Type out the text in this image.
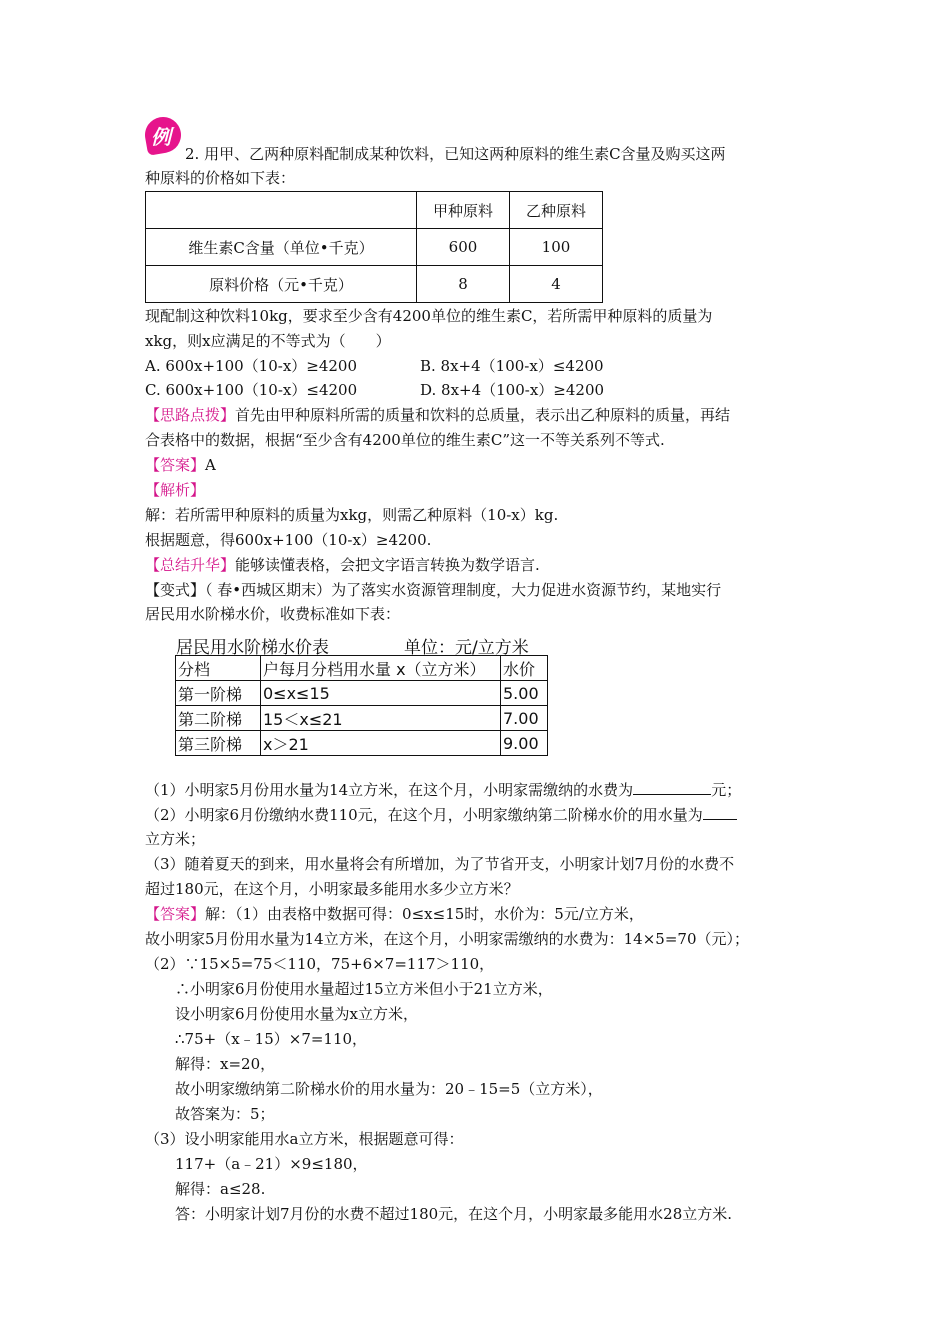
例
2. 用甲、乙两种原料配制成某种饮料，已知这两种原料的维生素C含量及购买这两
种原料的价格如下表：
	甲种原料	乙种原料
维生素C含量（单位•千克）	600	100
原料价格（元•千克）	8	4
现配制这种饮料10kg，要求至少含有4200单位的维生素C，若所需甲种原料的质量为
xkg，则x应满足的不等式为（　　）
A. 600x+100（10-x）≥4200	B. 8x+4（100-x）≤4200
C. 600x+100（10-x）≤4200	D. 8x+4（100-x）≥4200
【思路点拨】首先由甲种原料所需的质量和饮料的总质量，表示出乙种原料的质量，再结
合表格中的数据，根据“至少含有4200单位的维生素C”这一不等关系列不等式.
【答案】A
【解析】
解：若所需甲种原料的质量为xkg，则需乙种原料（10-x）kg.
根据题意，得600x+100（10-x）≥4200.
【总结升华】能够读懂表格，会把文字语言转换为数学语言.
【变式】（ 春•西城区期末）为了落实水资源管理制度，大力促进水资源节约，某地实行
居民用水阶梯水价，收费标准如下表：
居民用水阶梯水价表	单位：元/立方米
分档	户每月分档用水量 x（立方米）	水价
第一阶梯	0≤x≤15	5.00
第二阶梯	15＜x≤21	7.00
第三阶梯	x＞21	9.00
（1）小明家5月份用水量为14立方米，在这个月，小明家需缴纳的水费为	元；
（2）小明家6月份缴纳水费110元，在这个月，小明家缴纳第二阶梯水价的用水量为
立方米；
（3）随着夏天的到来，用水量将会有所增加，为了节省开支，小明家计划7月份的水费不
超过180元，在这个月，小明家最多能用水多少立方米？
【答案】解：（1）由表格中数据可得：0≤x≤15时，水价为：5元/立方米，
故小明家5月份用水量为14立方米，在这个月，小明家需缴纳的水费为：14×5=70（元）；
（2）∵15×5=75＜110，75+6×7=117＞110，
∴小明家6月份使用水量超过15立方米但小于21立方米，
设小明家6月份使用水量为x立方米，
∴75+（x﹣15）×7=110，
解得：x=20，
故小明家缴纳第二阶梯水价的用水量为：20﹣15=5（立方米），
故答案为：5；
（3）设小明家能用水a立方米，根据题意可得：
117+（a﹣21）×9≤180，
解得：a≤28.
答：小明家计划7月份的水费不超过180元，在这个月，小明家最多能用水28立方米.
